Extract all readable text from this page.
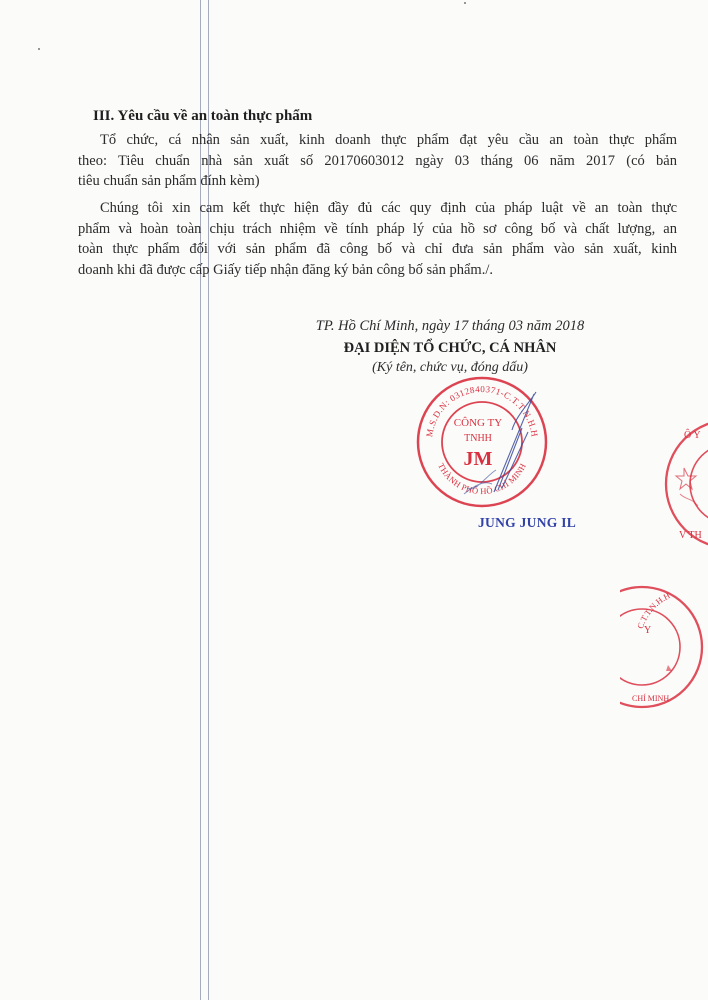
III. Yêu cầu về an toàn thực phẩm
Tổ chức, cá nhân sản xuất, kinh doanh thực phẩm đạt yêu cầu an toàn thực phẩm
theo: Tiêu chuẩn nhà sản xuất số 20170603012 ngày 03 tháng 06 năm 2017 (có bản
tiêu chuẩn sản phẩm đính kèm)
Chúng tôi xin cam kết thực hiện đầy đủ các quy định của pháp luật về an toàn thực
phẩm và hoàn toàn chịu trách nhiệm về tính pháp lý của hồ sơ công bố và chất lượng, an
toàn thực phẩm đối với sản phẩm đã công bố và chỉ đưa sản phẩm vào sản xuất, kinh
doanh khi đã được cấp Giấy tiếp nhận đăng ký bản công bố sản phẩm./.
TP. Hồ Chí Minh, ngày 17 tháng 03 năm 2018
ĐẠI DIỆN TỔ CHỨC, CÁ NHÂN
(Ký tên, chức vụ, đóng dấu)
M.S.D.N: 0312840371-C.T.T.N.H.H
THÀNH PHỐ HỒ CHÍ MINH
CÔNG TY
TNHH
JM
JUNG JUNG IL
Ô Y
V TH
C.T.T.N.H.H
Y
CHÍ MINH
